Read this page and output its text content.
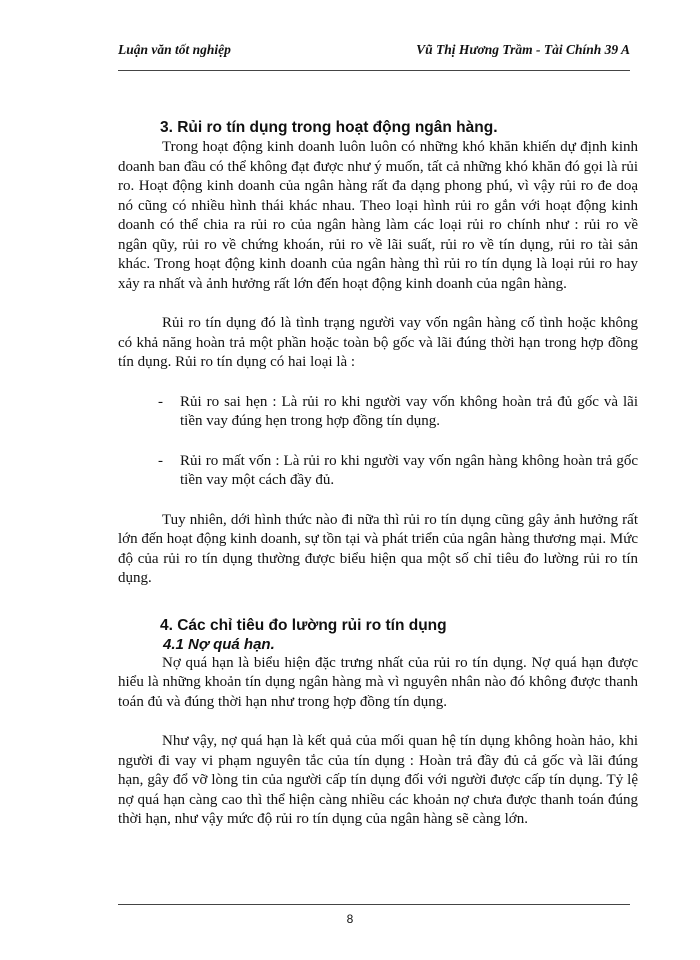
Luận văn tốt nghiệp	Vũ Thị Hương Trầm - Tài Chính 39 A
3. Rủi ro tín dụng trong hoạt động ngân hàng.

Trong hoạt động kinh doanh luôn luôn có những khó khăn khiến dự định kinh doanh ban đầu có thể không đạt được như ý muốn, tất cả những khó khăn đó gọi là rủi ro. Hoạt động kinh doanh của ngân hàng rất đa dạng phong phú, vì vậy rủi ro đe doạ nó cũng có nhiều hình thái khác nhau. Theo loại hình rủi ro gắn với hoạt động kinh doanh có thể chia ra rủi ro của ngân hàng làm các loại rủi ro chính như : rủi ro về ngân qũy, rủi ro về chứng khoán, rủi ro về lãi suất, rủi ro về tín dụng, rủi ro tài sản khác. Trong hoạt động kinh doanh của ngân hàng thì rủi ro tín dụng là loại rủi ro hay xảy ra nhất và ảnh hưởng rất lớn đến hoạt động kinh doanh của ngân hàng.

Rủi ro tín dụng đó là tình trạng người vay vốn ngân hàng cố tình hoặc không có khả năng hoàn trả một phần hoặc toàn bộ gốc và lãi đúng thời hạn trong hợp đồng tín dụng. Rủi ro tín dụng có hai loại là :

- Rủi ro sai hẹn : Là rủi ro khi người vay vốn không hoàn trả đủ gốc và lãi tiền vay đúng hẹn trong hợp đồng tín dụng.

- Rủi ro mất vốn : Là rủi ro khi người vay vốn ngân hàng không hoàn trả gốc tiền vay một cách đầy đủ.

Tuy nhiên, dới hình thức nào đi nữa thì rủi ro tín dụng cũng gây ảnh hưởng rất lớn đến hoạt động kinh doanh, sự tồn tại và phát triển của ngân hàng thương mại. Mức độ của rủi ro tín dụng thường được biểu hiện qua một số chỉ tiêu đo lường rủi ro tín dụng.

4. Các chỉ tiêu đo lường rủi ro tín dụng
4.1 Nợ quá hạn.

Nợ quá hạn là biểu hiện đặc trưng nhất của rủi ro tín dụng. Nợ quá hạn được hiểu là những khoản tín dụng ngân hàng mà vì nguyên nhân nào đó không được thanh toán đủ và đúng thời hạn như trong hợp đồng tín dụng.

Như vậy, nợ quá hạn là kết quả của mối quan hệ tín dụng không hoàn hảo, khi người đi vay vi phạm nguyên tắc của tín dụng : Hoàn trả đầy đủ cả gốc và lãi đúng hạn, gây đổ vỡ lòng tin của người cấp tín dụng đối với người được cấp tín dụng. Tỷ lệ nợ quá hạn càng cao thì thể hiện càng nhiều các khoản nợ chưa được thanh toán đúng thời hạn, như vậy mức độ rủi ro tín dụng của ngân hàng sẽ càng lớn.

8
